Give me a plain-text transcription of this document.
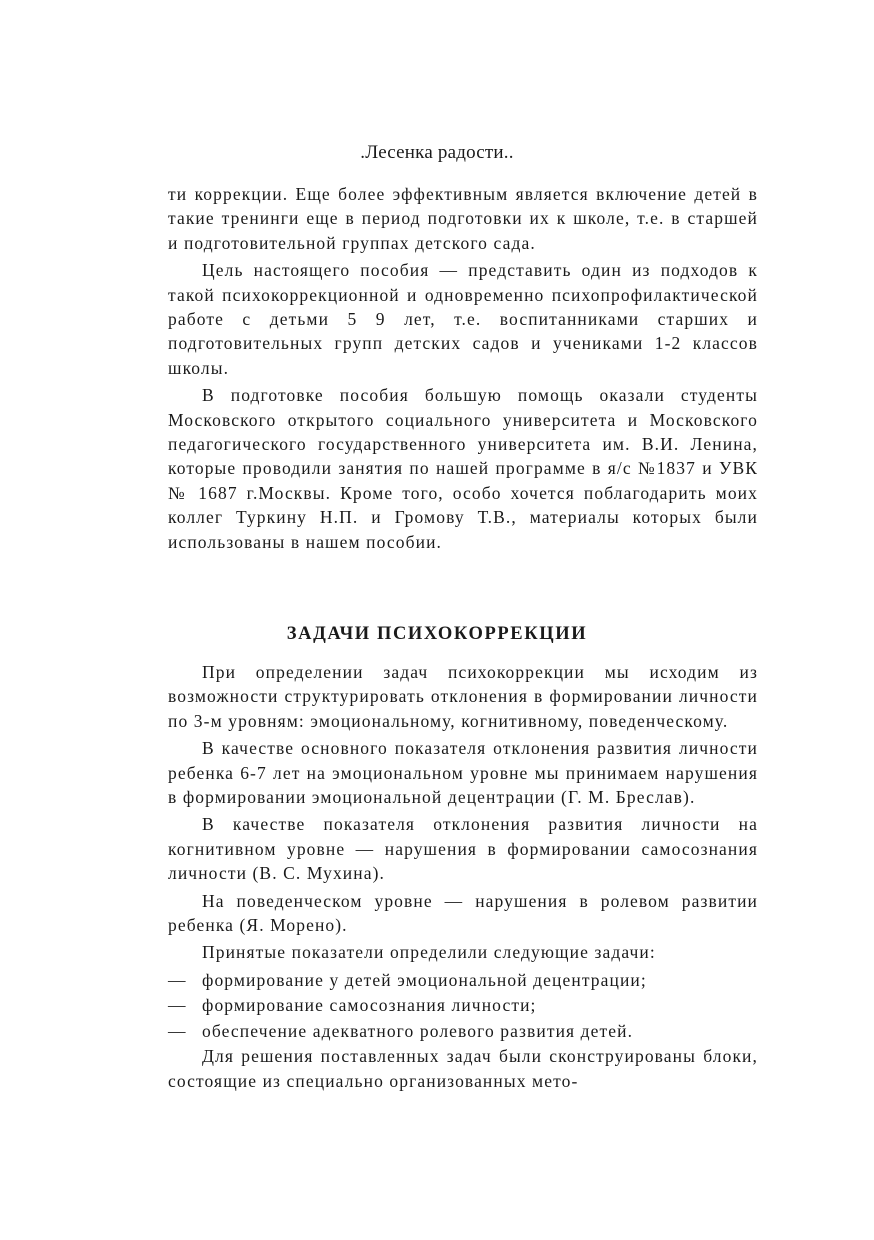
.Лесенка радости..

ти коррекции. Еще более эффективным является включение детей в такие тренинги еще в период подготовки их к школе, т.е. в старшей и подготовительной группах детского сада.

Цель настоящего пособия — представить один из подходов к такой психокоррекционной и одновременно психопрофилактической работе с детьми 5 9 лет, т.е. воспитанниками старших и подготовительных групп детских садов и учениками 1-2 классов школы.

В подготовке пособия большую помощь оказали студенты Московского открытого социального университета и Московского педагогического государственного университета им. В.И. Ленина, которые проводили занятия по нашей программе в я/с №1837 и УВК № 1687 г.Москвы. Кроме того, особо хочется поблагодарить моих коллег Туркину Н.П. и Громову Т.В., материалы которых были использованы в нашем пособии.

ЗАДАЧИ ПСИХОКОРРЕКЦИИ

При определении задач психокоррекции мы исходим из возможности структурировать отклонения в формировании личности по 3-м уровням: эмоциональному, когнитивному, поведенческому.

В качестве основного показателя отклонения развития личности ребенка 6-7 лет на эмоциональном уровне мы принимаем нарушения в формировании эмоциональной децентрации (Г. М. Бреслав).

В качестве показателя отклонения развития личности на когнитивном уровне — нарушения в формировании самосознания личности (В. С. Мухина).

На поведенческом уровне — нарушения в ролевом развитии ребенка (Я. Морено).

Принятые показатели определили следующие задачи:

— формирование у детей эмоциональной децентрации;
— формирование самосознания личности;
— обеспечение адекватного ролевого развития детей.

Для решения поставленных задач были сконструированы блоки, состоящие из специально организованных мето-
